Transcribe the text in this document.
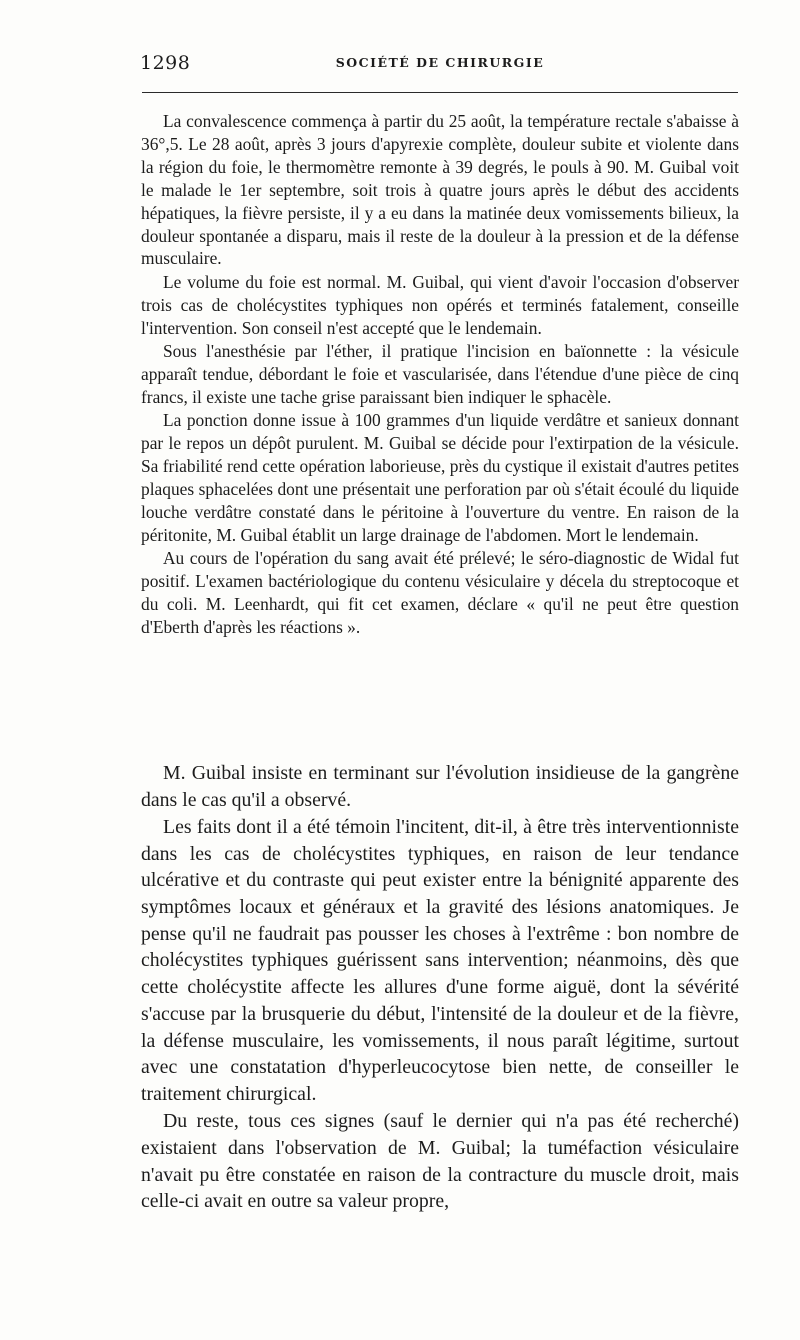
1298	SOCIÉTÉ DE CHIRURGIE

La convalescence commença à partir du 25 août, la température rectale s'abaisse à 36°,5. Le 28 août, après 3 jours d'apyrexie complète, douleur subite et violente dans la région du foie, le thermomètre remonte à 39 degrés, le pouls à 90. M. Guibal voit le malade le 1er septembre, soit trois à quatre jours après le début des accidents hépatiques, la fièvre persiste, il y a eu dans la matinée deux vomissements bilieux, la douleur spontanée a disparu, mais il reste de la douleur à la pression et de la défense musculaire.

Le volume du foie est normal. M. Guibal, qui vient d'avoir l'occasion d'observer trois cas de cholécystites typhiques non opérés et terminés fatalement, conseille l'intervention. Son conseil n'est accepté que le lendemain.

Sous l'anesthésie par l'éther, il pratique l'incision en baïonnette : la vésicule apparaît tendue, débordant le foie et vascularisée, dans l'étendue d'une pièce de cinq francs, il existe une tache grise paraissant bien indiquer le sphacèle.

La ponction donne issue à 100 grammes d'un liquide verdâtre et sanieux donnant par le repos un dépôt purulent. M. Guibal se décide pour l'extirpation de la vésicule. Sa friabilité rend cette opération laborieuse, près du cystique il existait d'autres petites plaques sphacelées dont une présentait une perforation par où s'était écoulé du liquide louche verdâtre constaté dans le péritoine à l'ouverture du ventre. En raison de la péritonite, M. Guibal établit un large drainage de l'abdomen. Mort le lendemain.

Au cours de l'opération du sang avait été prélevé; le séro-diagnostic de Widal fut positif. L'examen bactériologique du contenu vésiculaire y décela du streptocoque et du coli. M. Leenhardt, qui fit cet examen, déclare « qu'il ne peut être question d'Eberth d'après les réactions ».

M. Guibal insiste en terminant sur l'évolution insidieuse de la gangrène dans le cas qu'il a observé.

Les faits dont il a été témoin l'incitent, dit-il, à être très interventionniste dans les cas de cholécystites typhiques, en raison de leur tendance ulcérative et du contraste qui peut exister entre la bénignité apparente des symptômes locaux et généraux et la gravité des lésions anatomiques. Je pense qu'il ne faudrait pas pousser les choses à l'extrême : bon nombre de cholécystites typhiques guérissent sans intervention; néanmoins, dès que cette cholécystite affecte les allures d'une forme aiguë, dont la sévérité s'accuse par la brusquerie du début, l'intensité de la douleur et de la fièvre, la défense musculaire, les vomissements, il nous paraît légitime, surtout avec une constatation d'hyperleucocytose bien nette, de conseiller le traitement chirurgical.

Du reste, tous ces signes (sauf le dernier qui n'a pas été recherché) existaient dans l'observation de M. Guibal; la tuméfaction vésiculaire n'avait pu être constatée en raison de la contracture du muscle droit, mais celle-ci avait en outre sa valeur propre,
